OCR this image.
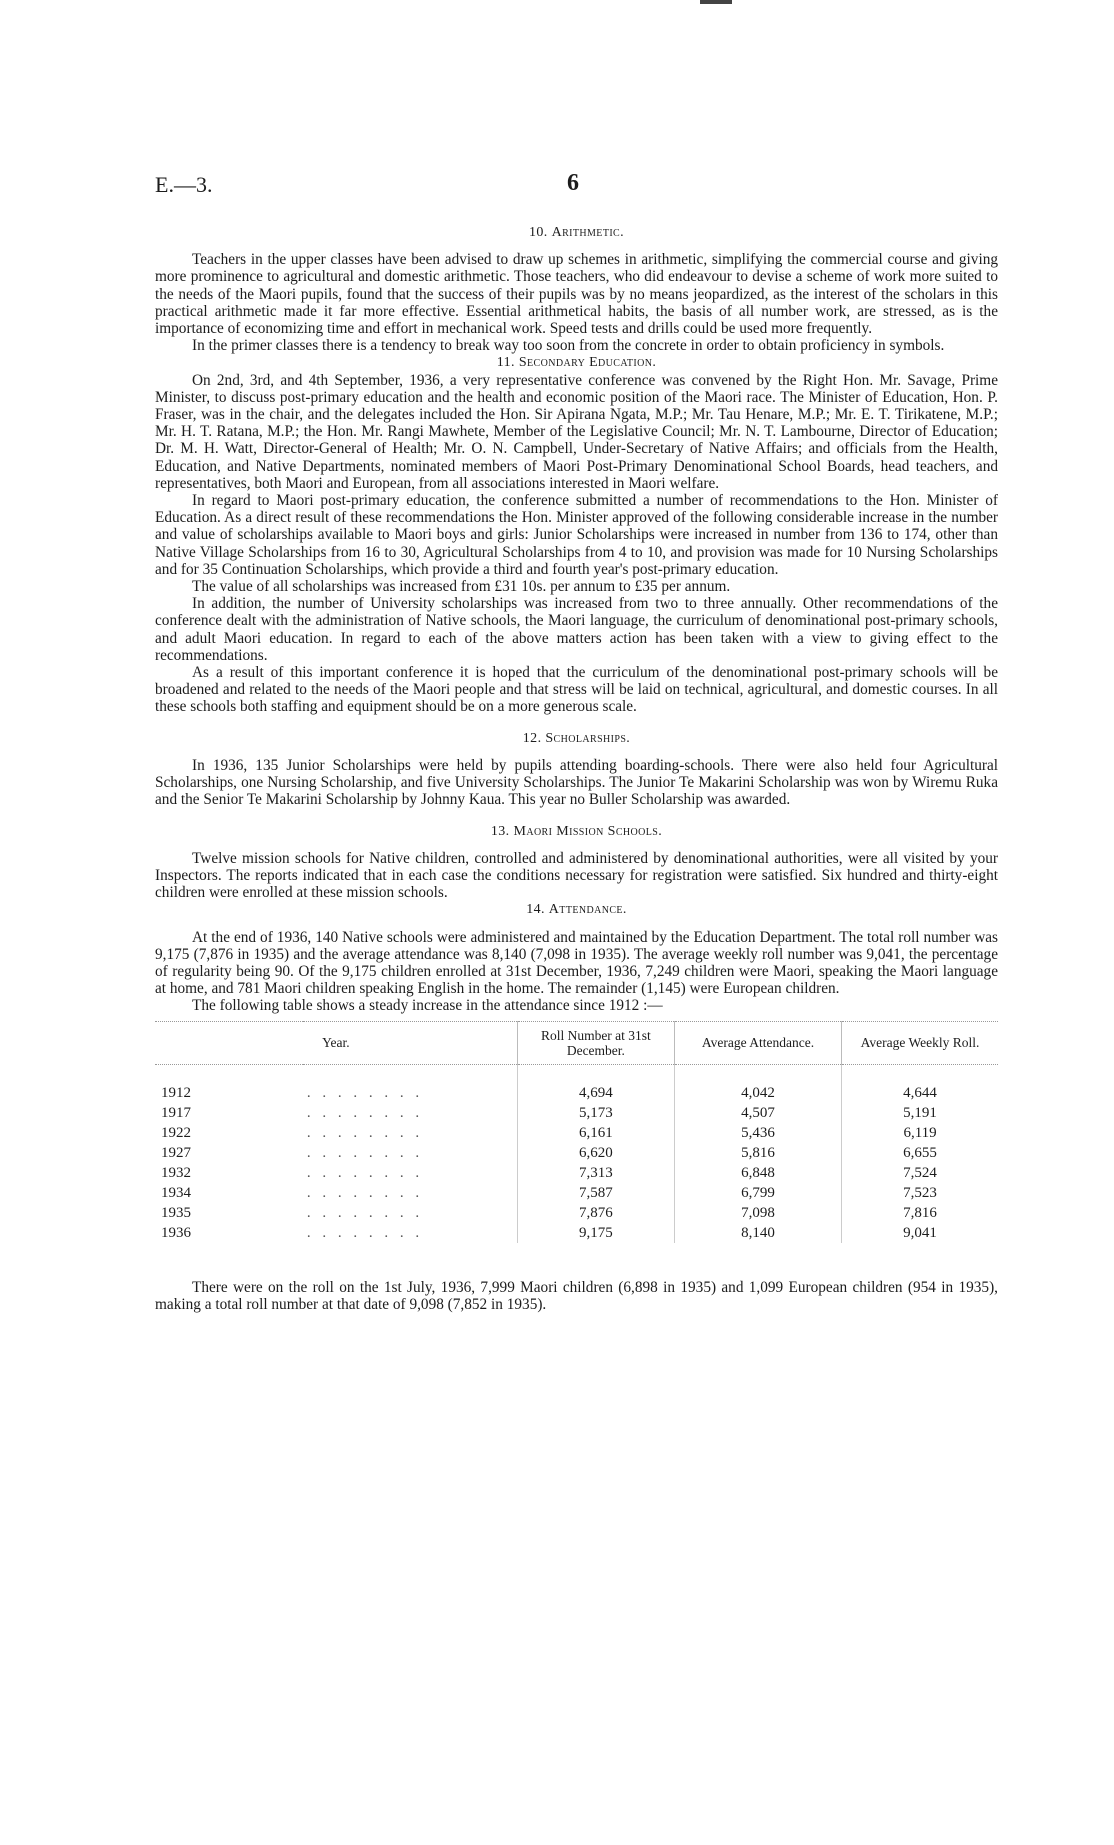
E.—3.	6
10. Arithmetic.

Teachers in the upper classes have been advised to draw up schemes in arithmetic, simplifying the commercial course and giving more prominence to agricultural and domestic arithmetic. Those teachers, who did endeavour to devise a scheme of work more suited to the needs of the Maori pupils, found that the success of their pupils was by no means jeopardized, as the interest of the scholars in this practical arithmetic made it far more effective. Essential arithmetical habits, the basis of all number work, are stressed, as is the importance of economizing time and effort in mechanical work. Speed tests and drills could be used more frequently.

In the primer classes there is a tendency to break way too soon from the concrete in order to obtain proficiency in symbols.

11. Secondary Education.

On 2nd, 3rd, and 4th September, 1936, a very representative conference was convened by the Right Hon. Mr. Savage, Prime Minister, to discuss post-primary education and the health and economic position of the Maori race. The Minister of Education, Hon. P. Fraser, was in the chair, and the delegates included the Hon. Sir Apirana Ngata, M.P.; Mr. Tau Henare, M.P.; Mr. E. T. Tirikatene, M.P.; Mr. H. T. Ratana, M.P.; the Hon. Mr. Rangi Mawhete, Member of the Legislative Council; Mr. N. T. Lambourne, Director of Education; Dr. M. H. Watt, Director-General of Health; Mr. O. N. Campbell, Under-Secretary of Native Affairs; and officials from the Health, Education, and Native Departments, nominated members of Maori Post-Primary Denominational School Boards, head teachers, and representatives, both Maori and European, from all associations interested in Maori welfare.

In regard to Maori post-primary education, the conference submitted a number of recommendations to the Hon. Minister of Education. As a direct result of these recommendations the Hon. Minister approved of the following considerable increase in the number and value of scholarships available to Maori boys and girls: Junior Scholarships were increased in number from 136 to 174, other than Native Village Scholarships from 16 to 30, Agricultural Scholarships from 4 to 10, and provision was made for 10 Nursing Scholarships and for 35 Continuation Scholarships, which provide a third and fourth year's post-primary education.

The value of all scholarships was increased from £31 10s. per annum to £35 per annum.

In addition, the number of University scholarships was increased from two to three annually. Other recommendations of the conference dealt with the administration of Native schools, the Maori language, the curriculum of denominational post-primary schools, and adult Maori education. In regard to each of the above matters action has been taken with a view to giving effect to the recommendations.

As a result of this important conference it is hoped that the curriculum of the denominational post-primary schools will be broadened and related to the needs of the Maori people and that stress will be laid on technical, agricultural, and domestic courses. In all these schools both staffing and equipment should be on a more generous scale.

12. Scholarships.

In 1936, 135 Junior Scholarships were held by pupils attending boarding-schools. There were also held four Agricultural Scholarships, one Nursing Scholarship, and five University Scholarships. The Junior Te Makarini Scholarship was won by Wiremu Ruka and the Senior Te Makarini Scholarship by Johnny Kaua. This year no Buller Scholarship was awarded.

13. Maori Mission Schools.

Twelve mission schools for Native children, controlled and administered by denominational authorities, were all visited by your Inspectors. The reports indicated that in each case the conditions necessary for registration were satisfied. Six hundred and thirty-eight children were enrolled at these mission schools.

14. Attendance.

At the end of 1936, 140 Native schools were administered and maintained by the Education Department. The total roll number was 9,175 (7,876 in 1935) and the average attendance was 8,140 (7,098 in 1935). The average weekly roll number was 9,041, the percentage of regularity being 90. Of the 9,175 children enrolled at 31st December, 1936, 7,249 children were Maori, speaking the Maori language at home, and 781 Maori children speaking English in the home. The remainder (1,145) were European children.

The following table shows a steady increase in the attendance since 1912 :—

Year.		Roll Number at 31st December.	Average Attendance.	Average Weekly Roll.
1912	. . . . . . . .	4,694	4,042	4,644
1917	. . . . . . . .	5,173	4,507	5,191
1922	. . . . . . . .	6,161	5,436	6,119
1927	. . . . . . . .	6,620	5,816	6,655
1932	. . . . . . . .	7,313	6,848	7,524
1934	. . . . . . . .	7,587	6,799	7,523
1935	. . . . . . . .	7,876	7,098	7,816
1936	. . . . . . . .	9,175	8,140	9,041

There were on the roll on the 1st July, 1936, 7,999 Maori children (6,898 in 1935) and 1,099 European children (954 in 1935), making a total roll number at that date of 9,098 (7,852 in 1935).
